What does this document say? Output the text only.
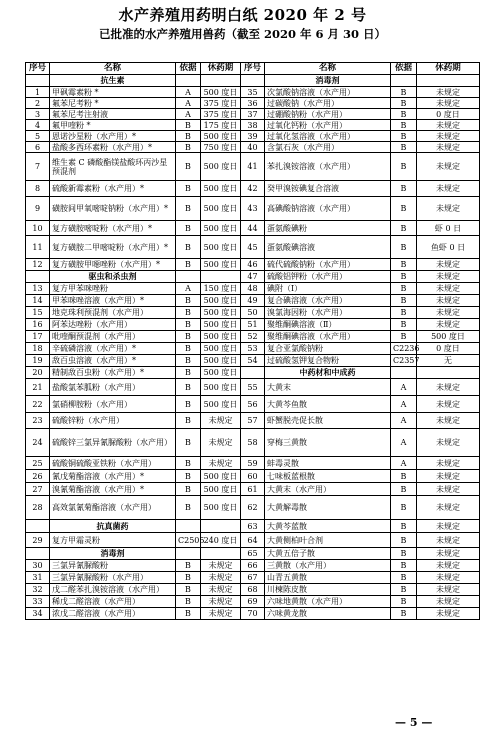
水产养殖用药明白纸 2020 年 2 号
已批准的水产养殖用兽药（截至 2020 年 6 月 30 日）
序号	名称	依据	休药期	序号	名称	依据	休药期
	抗生素				消毒剂		
1	甲砜霉素粉 *	A	500 度日	35	次氯酸钠溶液（水产用）	B	未规定
2	氟苯尼考粉 *	A	375 度日	36	过碳酸钠（水产用）	B	未规定
3	氟苯尼考注射液	A	375 度日	37	过硼酸钠粉（水产用）	B	0 度日
4	氟甲喹粉 *	B	175 度日	38	过氧化钙粉（水产用）	B	未规定
5	恩诺沙星粉（水产用）*	B	500 度日	39	过氧化氢溶液（水产用）	B	未规定
6	盐酸多西环素粉（水产用）*	B	750 度日	40	含氯石灰（水产用）	B	未规定
7	维生素 C 磷酸酯镁盐酸环丙沙星预混剂	B	500 度日	41	苯扎溴铵溶液（水产用）	B	未规定
8	硫酸新霉素粉（水产用）*	B	500 度日	42	癸甲溴铵碘复合溶液	B	未规定
9	磺胺间甲氧嘧啶钠粉（水产用）*	B	500 度日	43	高碘酸钠溶液（水产用）	B	未规定
10	复方磺胺嘧啶粉（水产用）*	B	500 度日	44	蛋氨酸碘粉	B	虾 0 日
11	复方磺胺二甲嘧啶粉（水产用）*	B	500 度日	45	蛋氨酸碘溶液	B	鱼虾 0 日
12	复方磺胺甲噁唑粉（水产用）*	B	500 度日	46	硫代硫酸钠粉（水产用）	B	未规定
	驱虫和杀虫剂			47	硫酸铝钾粉（水产用）	B	未规定
13	复方甲苯咪唑粉	A	150 度日	48	碘附（Ⅰ）	B	未规定
14	甲苯咪唑溶液（水产用）*	B	500 度日	49	复合碘溶液（水产用）	B	未规定
15	地克珠利预混剂（水产用）	B	500 度日	50	溴氯海因粉（水产用）	B	未规定
16	阿苯达唑粉（水产用）	B	500 度日	51	聚维酮碘溶液（Ⅱ）	B	未规定
17	吡喹酮预混剂（水产用）	B	500 度日	52	聚维酮碘溶液（水产用）	B	500 度日
18	辛硫磷溶液（水产用）*	B	500 度日	53	复合亚氯酸钠粉	C2236	0 度日
19	敌百虫溶液（水产用）*	B	500 度日	54	过硫酸氢钾复合物粉	C2357	无
20	精制敌百虫粉（水产用）*	B	500 度日		中药材和中成药		
21	盐酸氯苯胍粉（水产用）	B	500 度日	55	大黄末	A	未规定
22	氯硝柳胺粉（水产用）	B	500 度日	56	大黄芩鱼散	A	未规定
23	硫酸锌粉（水产用）	B	未规定	57	虾蟹脱壳促长散	A	未规定
24	硫酸锌三氯异氰脲酸粉（水产用）	B	未规定	58	穿梅三黄散	A	未规定
25	硫酸铜硫酸亚铁粉（水产用）	B	未规定	59	蚌毒灵散	A	未规定
26	氰戊菊酯溶液（水产用）*	B	500 度日	60	七味板蓝根散	B	未规定
27	溴氰菊酯溶液（水产用）*	B	500 度日	61	大黄末（水产用）	B	未规定
28	高效氯氰菊酯溶液（水产用）	B	500 度日	62	大黄解毒散	B	未规定
	抗真菌药			63	大黄芩蓝散	B	未规定
29	复方甲霜灵粉	C2505	240 度日	64	大黄侧柏叶合剂	B	未规定
	消毒剂			65	大黄五倍子散	B	未规定
30	三氯异氰脲酸粉	B	未规定	66	三黄散（水产用）	B	未规定
31	三氯异氰脲酸粉（水产用）	B	未规定	67	山青五黄散	B	未规定
32	戊二醛苯扎溴铵溶液（水产用）	B	未规定	68	川楝陈皮散	B	未规定
33	稀戊二醛溶液（水产用）	B	未规定	69	六味地黄散（水产用）	B	未规定
34	浓戊二醛溶液（水产用）	B	未规定	70	六味黄龙散	B	未规定
— 5 —
